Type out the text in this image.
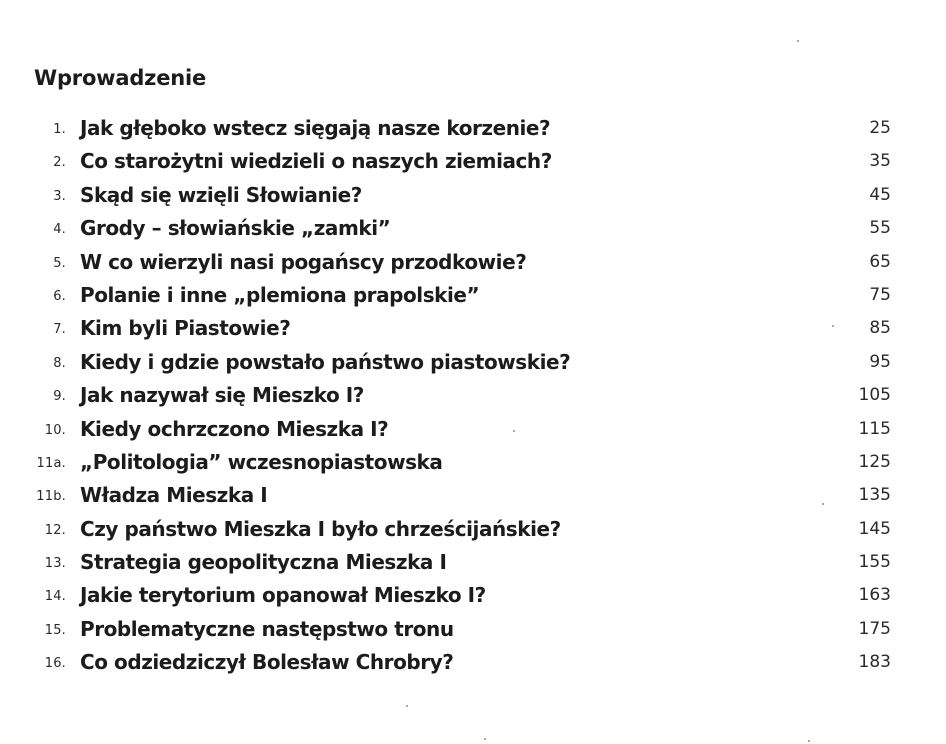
Wprowadzenie
1. Jak głęboko wstecz sięgają nasze korzenie?	25
2. Co starożytni wiedzieli o naszych ziemiach?	35
3. Skąd się wzięli Słowianie?	45
4. Grody – słowiańskie „zamki”	55
5. W co wierzyli nasi pogańscy przodkowie?	65
6. Polanie i inne „plemiona prapolskie”	75
7. Kim byli Piastowie?	85
8. Kiedy i gdzie powstało państwo piastowskie?	95
9. Jak nazywał się Mieszko I?	105
10. Kiedy ochrzczono Mieszka I?	115
11a. „Politologia” wczesnopiastowska	125
11b. Władza Mieszka I	135
12. Czy państwo Mieszka I było chrześcijańskie?	145
13. Strategia geopolityczna Mieszka I	155
14. Jakie terytorium opanował Mieszko I?	163
15. Problematyczne następstwo tronu	175
16. Co odziedziczył Bolesław Chrobry?	183
